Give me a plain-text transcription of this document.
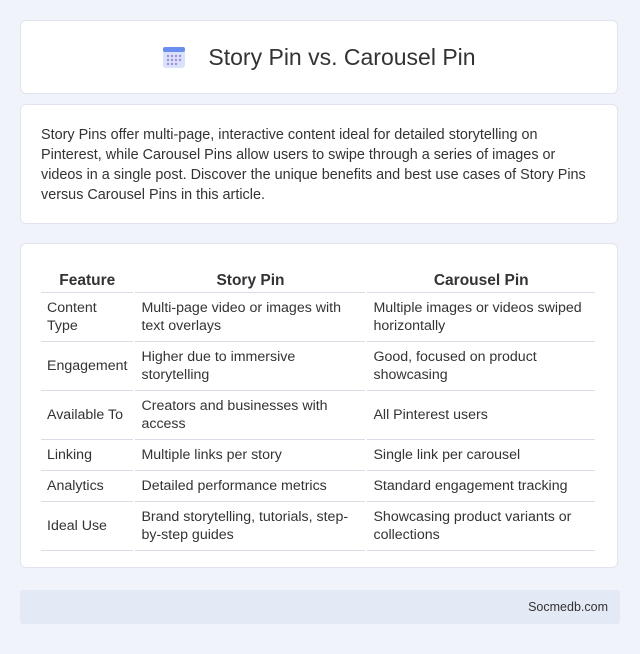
Story Pin vs. Carousel Pin

Story Pins offer multi-page, interactive content ideal for detailed storytelling on Pinterest, while Carousel Pins allow users to swipe through a series of images or videos in a single post. Discover the unique benefits and best use cases of Story Pins versus Carousel Pins in this article.

Feature	Story Pin	Carousel Pin
Content Type	Multi-page video or images with text overlays	Multiple images or videos swiped horizontally
Engagement	Higher due to immersive storytelling	Good, focused on product showcasing
Available To	Creators and businesses with access	All Pinterest users
Linking	Multiple links per story	Single link per carousel
Analytics	Detailed performance metrics	Standard engagement tracking
Ideal Use	Brand storytelling, tutorials, step-by-step guides	Showcasing product variants or collections
Socmedb.com
